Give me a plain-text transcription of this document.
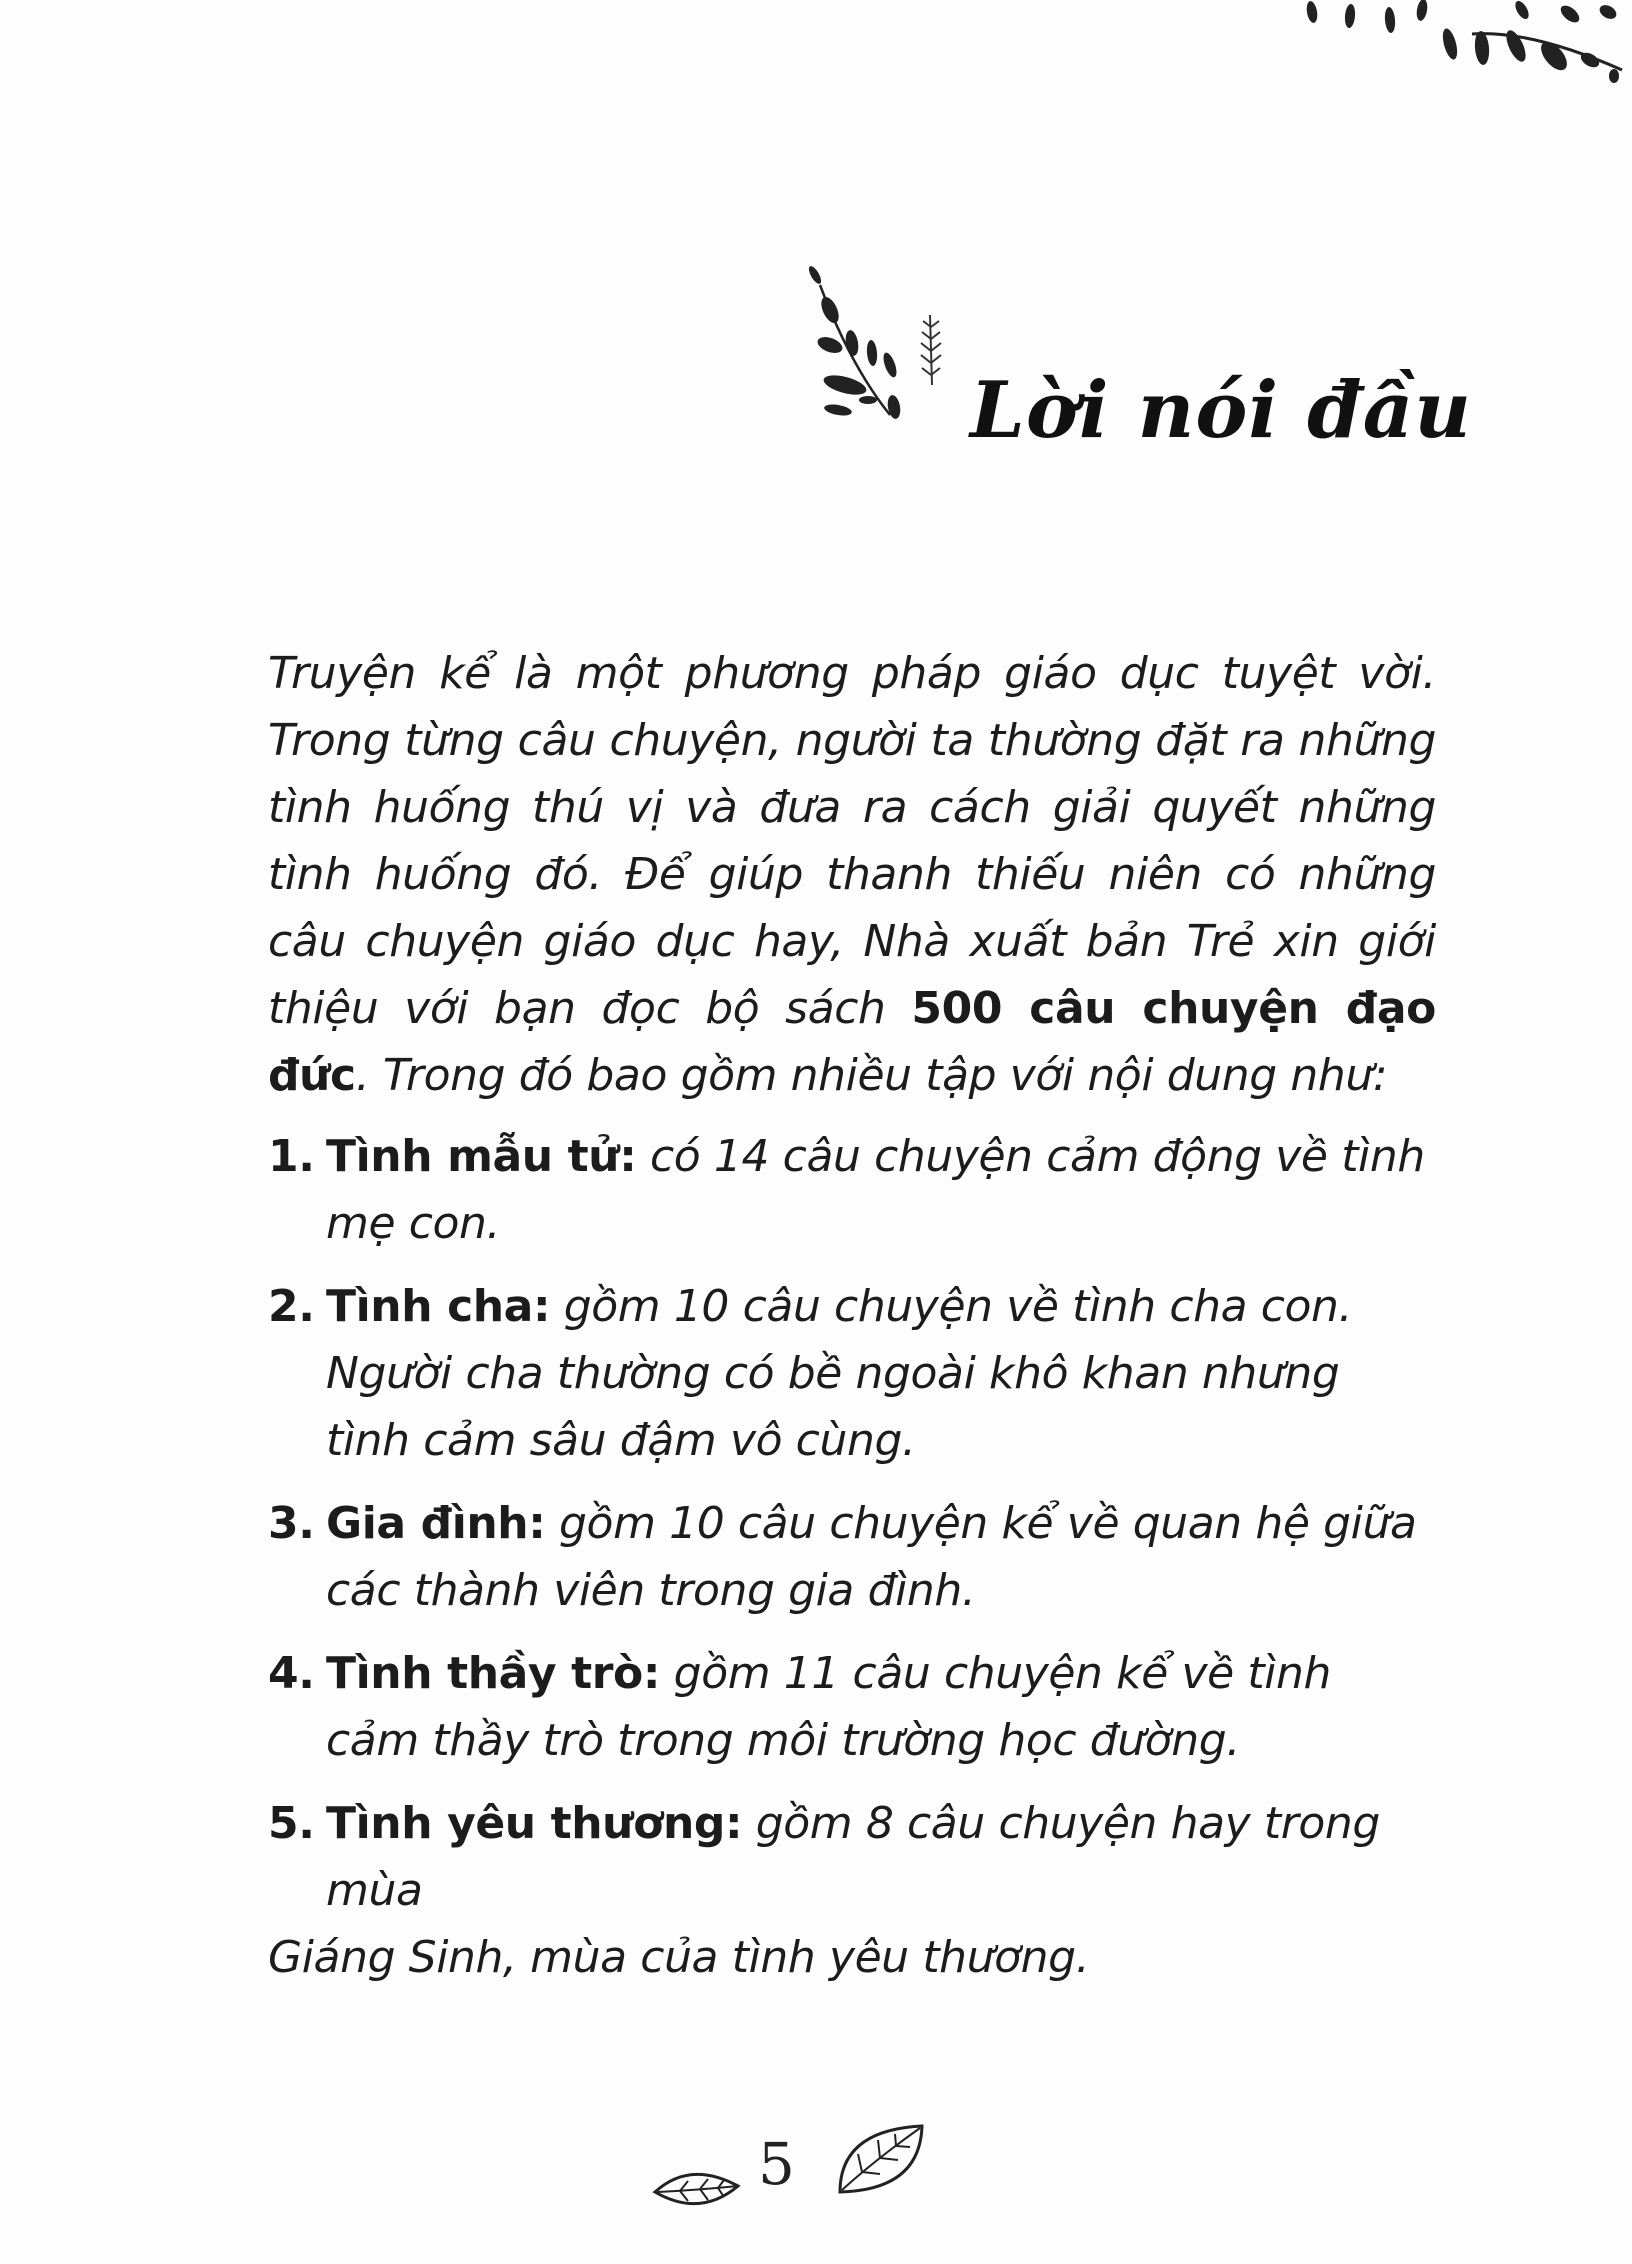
Lời nói đầu

Truyện kể là một phương pháp giáo dục tuyệt vời. Trong từng câu chuyện, người ta thường đặt ra những tình huống thú vị và đưa ra cách giải quyết những tình huống đó. Để giúp thanh thiếu niên có những câu chuyện giáo dục hay, Nhà xuất bản Trẻ xin giới thiệu với bạn đọc bộ sách 500 câu chuyện đạo đức. Trong đó bao gồm nhiều tập với nội dung như:

1. Tình mẫu tử: có 14 câu chuyện cảm động về tình mẹ con.
2. Tình cha: gồm 10 câu chuyện về tình cha con. Người cha thường có bề ngoài khô khan nhưng tình cảm sâu đậm vô cùng.
3. Gia đình: gồm 10 câu chuyện kể về quan hệ giữa các thành viên trong gia đình.
4. Tình thầy trò: gồm 11 câu chuyện kể về tình cảm thầy trò trong môi trường học đường.
5. Tình yêu thương: gồm 8 câu chuyện hay trong mùa
Giáng Sinh, mùa của tình yêu thương.
5
